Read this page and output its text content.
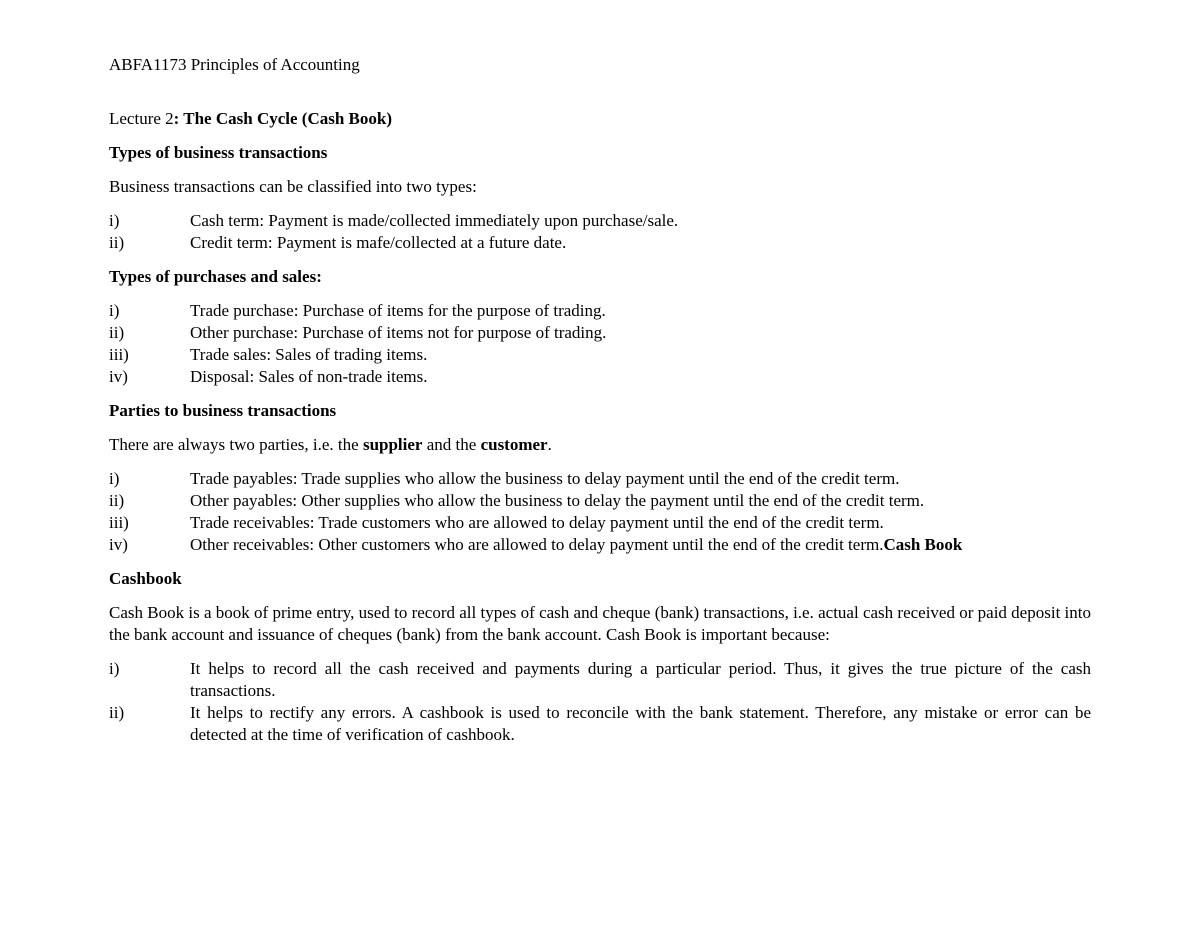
ABFA1173 Principles of Accounting

Lecture 2: The Cash Cycle (Cash Book)

Types of business transactions

Business transactions can be classified into two types:

i)	Cash term: Payment is made/collected immediately upon purchase/sale.
ii)	Credit term: Payment is mafe/collected at a future date.

Types of purchases and sales:

i)	Trade purchase: Purchase of items for the purpose of trading.
ii)	Other purchase: Purchase of items not for purpose of trading.
iii)	Trade sales: Sales of trading items.
iv)	Disposal: Sales of non-trade items.

Parties to business transactions

There are always two parties, i.e. the supplier and the customer.

i)	Trade payables: Trade supplies who allow the business to delay payment until the end of the credit term.
ii)	Other payables: Other supplies who allow the business to delay the payment until the end of the credit term.
iii)	Trade receivables: Trade customers who are allowed to delay payment until the end of the credit term.
iv)	Other receivables: Other customers who are allowed to delay payment until the end of the credit term.Cash Book

Cashbook

Cash Book is a book of prime entry, used to record all types of cash and cheque (bank) transactions, i.e. actual cash received or paid deposit into the bank account and issuance of cheques (bank) from the bank account. Cash Book is important because:

i)	It helps to record all the cash received and payments during a particular period. Thus, it gives the true picture of the cash transactions.
ii)	It helps to rectify any errors. A cashbook is used to reconcile with the bank statement. Therefore, any mistake or error can be detected at the time of verification of cashbook.
